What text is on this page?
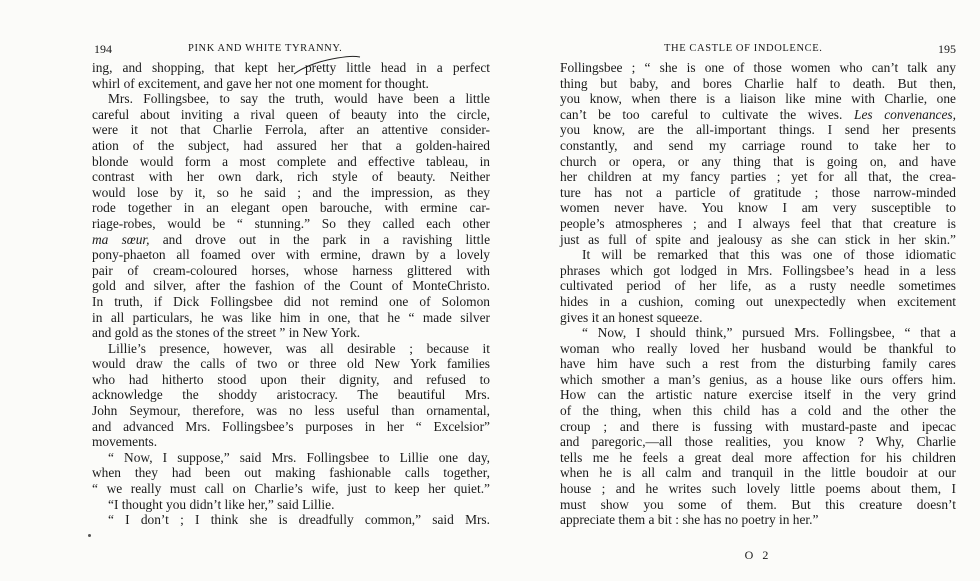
194	PINK AND WHITE TYRANNY.
ing, and shopping, that kept her pretty little head in a perfect
whirl of excitement, and gave her not one moment for thought.
Mrs. Follingsbee, to say the truth, would have been a little
careful about inviting a rival queen of beauty into the circle,
were it not that Charlie Ferrola, after an attentive consider-
ation of the subject, had assured her that a golden-haired
blonde would form a most complete and effective tableau, in
contrast with her own dark, rich style of beauty. Neither
would lose by it, so he said ; and the impression, as they
rode together in an elegant open barouche, with ermine car-
riage-robes, would be “ stunning.” So they called each other
ma sœur, and drove out in the park in a ravishing little
pony-phaeton all foamed over with ermine, drawn by a lovely
pair of cream-coloured horses, whose harness glittered with
gold and silver, after the fashion of the Count of MonteChristo.
In truth, if Dick Follingsbee did not remind one of Solomon
in all particulars, he was like him in one, that he “ made silver
and gold as the stones of the street ” in New York.
Lillie’s presence, however, was all desirable ; because it
would draw the calls of two or three old New York families
who had hitherto stood upon their dignity, and refused to
acknowledge the shoddy aristocracy. The beautiful Mrs.
John Seymour, therefore, was no less useful than ornamental,
and advanced Mrs. Follingsbee’s purposes in her “ Excelsior”
movements.
“ Now, I suppose,” said Mrs. Follingsbee to Lillie one day,
when they had been out making fashionable calls together,
“ we really must call on Charlie’s wife, just to keep her quiet.”
“I thought you didn’t like her,” said Lillie.
“ I don’t ; I think she is dreadfully common,” said Mrs.
THE CASTLE OF INDOLENCE.	195
Follingsbee ; “ she is one of those women who can’t talk any
thing but baby, and bores Charlie half to death. But then,
you know, when there is a liaison like mine with Charlie, one
can’t be too careful to cultivate the wives. Les convenances,
you know, are the all-important things. I send her presents
constantly, and send my carriage round to take her to
church or opera, or any thing that is going on, and have
her children at my fancy parties ; yet for all that, the crea-
ture has not a particle of gratitude ; those narrow-minded
women never have. You know I am very susceptible to
people’s atmospheres ; and I always feel that that creature is
just as full of spite and jealousy as she can stick in her skin.”
It will be remarked that this was one of those idiomatic
phrases which got lodged in Mrs. Follingsbee’s head in a less
cultivated period of her life, as a rusty needle sometimes
hides in a cushion, coming out unexpectedly when excitement
gives it an honest squeeze.
“ Now, I should think,” pursued Mrs. Follingsbee, “ that a
woman who really loved her husband would be thankful to
have him have such a rest from the disturbing family cares
which smother a man’s genius, as a house like ours offers him.
How can the artistic nature exercise itself in the very grind
of the thing, when this child has a cold and the other the
croup ; and there is fussing with mustard-paste and ipecac
and paregoric,—all those realities, you know ? Why, Charlie
tells me he feels a great deal more affection for his children
when he is all calm and tranquil in the little boudoir at our
house ; and he writes such lovely little poems about them, I
must show you some of them. But this creature doesn’t
appreciate them a bit : she has no poetry in her.”
O 2
